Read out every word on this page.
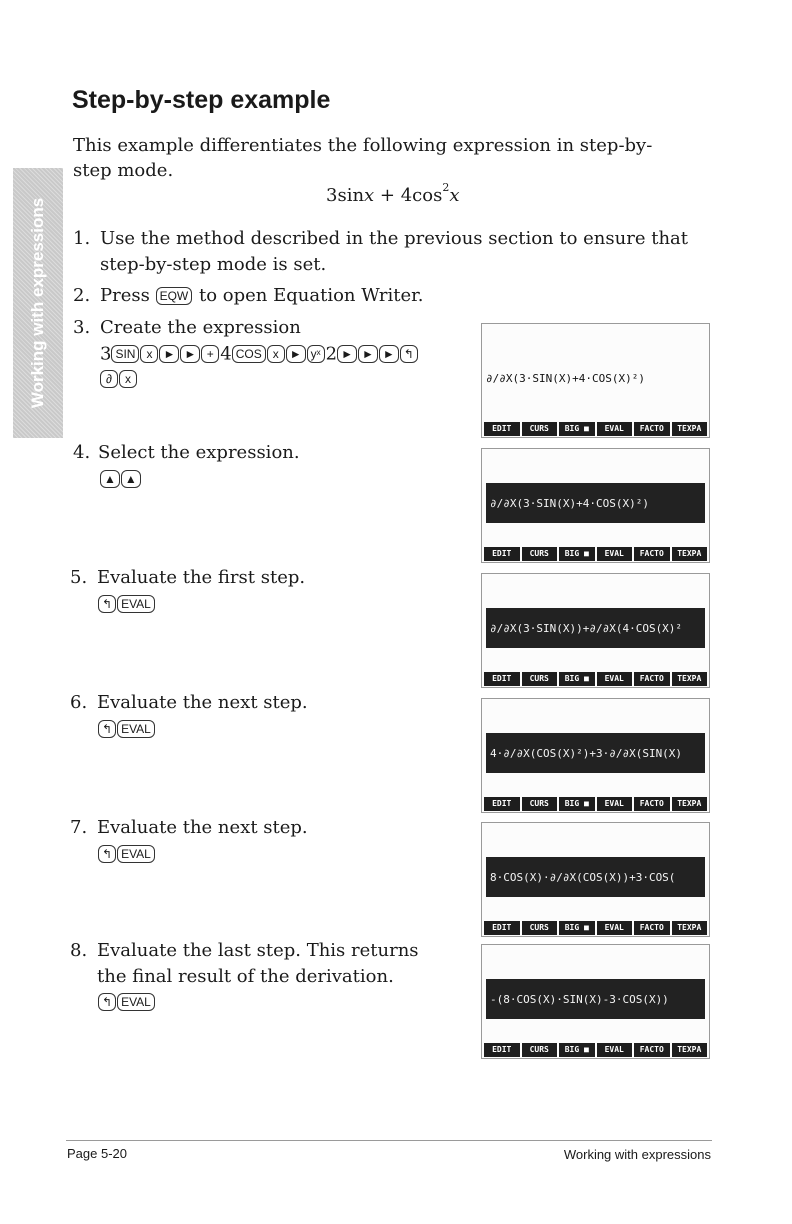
Working with expressions
Step-by-step example

This example differentiates the following expression in step-by-step mode.

$3\sin x + 4\cos^2x$
1. Use the method described in the previous section to ensure that step-by-step mode is set.
2. Press EQW to open Equation Writer.
3. Create the expression
3 SIN x ► ► + 4 COS x ► yˣ 2 ► ► ► ↰
∂ x
4. Select the expression.
▲ ▲
5. Evaluate the first step.
↰ EVAL
6. Evaluate the next step.
↰ EVAL
7. Evaluate the next step.
↰ EVAL
8. Evaluate the last step. This returns the final result of the derivation.
↰ EVAL
∂/∂X(3·SIN(X)+4·COS(X)²)
EDIT	CURS	BIG ■	EVAL	FACTO	TEXPA
∂/∂X(3·SIN(X)+4·COS(X)²)
EDIT	CURS	BIG ■	EVAL	FACTO	TEXPA
∂/∂X(3·SIN(X))+∂/∂X(4·COS(X)²
EDIT	CURS	BIG ■	EVAL	FACTO	TEXPA
4·∂/∂X(COS(X)²)+3·∂/∂X(SIN(X)
EDIT	CURS	BIG ■	EVAL	FACTO	TEXPA
8·COS(X)·∂/∂X(COS(X))+3·COS(
EDIT	CURS	BIG ■	EVAL	FACTO	TEXPA
-(8·COS(X)·SIN(X)-3·COS(X))
EDIT	CURS	BIG ■	EVAL	FACTO	TEXPA
Page 5-20	Working with expressions
